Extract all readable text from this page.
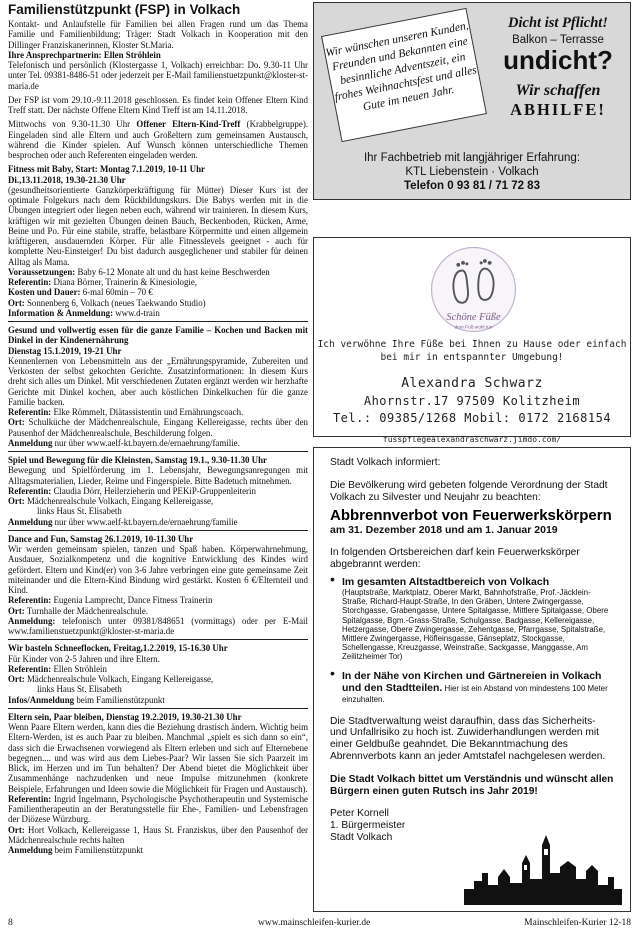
Familienstützpunkt (FSP) in Volkach

Kontakt- und Anlaufstelle für Familien bei allen Fragen rund um das Thema Familie und Familienbildung; Träger: Stadt Volkach in Kooperation mit den Dillinger Franziskanerinnen, Kloster St.Maria.

Ihre Ansprechpartnerin: Ellen Ströhlein

Telefonisch und persönlich (Klostergasse 1, Volkach) erreichbar: Do. 9.30-11 Uhr unter Tel. 09381-8486-51 oder jederzeit per E-Mail familienstuetzpunkt@kloster-st-maria.de

Der FSP ist vom 29.10.-9.11.2018 geschlossen. Es findet kein Offener Eltern Kind Treff statt. Der nächste Offene Eltern Kind Treff ist am 14.11.2018.

Mittwochs von 9.30-11.30 Uhr Offener Eltern-Kind-Treff (Krabbelgruppe). Eingeladen sind alle Eltern und auch Großeltern zum gemeinsamen Austausch, während die Kinder spielen. Auf Wunsch können unterschiedliche Themen besprochen oder auch Referenten eingeladen werden.

Fitness mit Baby, Start: Montag 7.1.2019, 10-11 Uhr

Di.,13.11.2018, 19.30-21.30 Uhr

(gesundheitsorientierte Ganzkörperkräftigung für Mütter) Dieser Kurs ist der optimale Folgekurs nach dem Rückbildungskurs. Die Babys werden mit in die Übungen integriert oder liegen neben euch, während wir trainieren. In diesem Kurs, kräftigen wir mit gezielten Übungen deinen Bauch, Beckenboden, Rücken, Arme, Beine und Po. Für eine stabile, straffe, belastbare Körpermitte und einen allgemein kräftigeren, ausdauernden Körper. Für alle Fitnesslevels geeignet - auch für komplette Neu-Einsteiger! Du bist dadurch ausgeglichener und stabiler für deinen Alltag als Mama.

Voraussetzungen: Baby 6-12 Monate alt und du hast keine Beschwerden

Referentin: Diana Börner, Trainerin & Kinesiologie,

Kosten und Dauer: 6-mal 60min – 70 €

Ort: Sonnenberg 6, Volkach (neues Taekwando Studio)

Information & Anmeldung: www.d-train

Gesund und vollwertig essen für die ganze Familie – Kochen und Backen mit Dinkel in der Kindenernährung

Dienstag 15.1.2019, 19-21 Uhr

Kennenlernen von Lebensmitteln aus der „Ernährungspyramide, Zubereiten und Verkosten der selbst gekochten Gerichte. Zusatzinformationen: In diesem Kurs dreht sich alles um Dinkel. Mit verschiedenen Zutaten ergänzt werden wir herzhafte Gerichte mit Dinkel kochen, aber auch köstlichen Dinkelkuchen für die ganze Familie backen.

Referentin: Elke Römmelt, Diätassistentin und Ernährungscoach.

Ort: Schulküche der Mädchenrealschule, Eingang Kellereigasse, rechts über den Pausenhof der Mädchenrealschule, Beschilderung folgen.

Anmeldung nur über www.aelf-kt.bayern.de/ernaehrung/familie.

Spiel und Bewegung für die Kleinsten, Samstag 19.1., 9.30-11.30 Uhr

Bewegung und Spielförderung im 1. Lebensjahr, Bewegungsanregungen mit Alltagsmaterialien, Lieder, Reime und Fingerspiele. Bitte Badetuch mitnehmen.

Referentin: Claudia Dörr, Heilerzieherin und PEKiP-Gruppenleiterin

Ort: Mädchenrealschule Volkach, Eingang Kellereigasse,

links Haus St. Elisabeth

Anmeldung nur über www.aelf-kt.bayern.de/ernaehrung/familie

Dance and Fun, Samstag 26.1.2019, 10-11.30 Uhr

Wir werden gemeinsam spielen, tanzen und Spaß haben. Körperwahrnehmung, Ausdauer, Sozialkompetenz und die kognitive Entwicklung des Kindes wird gefördert. Eltern und Kind(er) von 3-6 Jahre verbringen eine gute gemeinsame Zeit miteinander und die Eltern-Kind Bindung wird gestärkt. Kosten 6 €/Elternteil und Kind.

Referentin: Eugenia Lamprecht, Dance Fitness Trainerin

Ort: Turnhalle der Mädchenrealschule.

Anmeldung: telefonisch unter 09381/848651 (vormittags) oder per E-Mail www.familienstuetzpunkt@kloster-st-maria.de

Wir basteln Schneeflocken, Freitag,1.2.2019, 15-16.30 Uhr

Für Kinder von 2-5 Jahren und ihre Eltern.

Referentin: Ellen Ströhlein

Ort: Mädchenrealschule Volkach, Eingang Kellereigasse,

links Haus St. Elisabeth

Infos/Anmeldung beim Familienstützpunkt

Eltern sein, Paar bleiben, Dienstag 19.2.2019, 19.30-21.30 Uhr

Wenn Paare Eltern werden, kann dies die Beziehung drastisch ändern. Wichtig beim Eltern-Werden, ist es auch Paar zu bleiben. Manchmal „spielt es sich dann so ein“, dass sich die Erwachsenen vorwiegend als Eltern erleben und sich auf Elternebene begegnen.... und was wird aus dem Liebes-Paar? Wir lassen Sie sich Paarzeit im Blick, im Herzen und im Tun behalten? Der Abend bietet die Möglichkeit über Zusammenhänge nachzudenken und neue Impulse mitzunehmen (konkrete Beispiele, Erfahrungen und Ideen sowie die Möglichkeit für Fragen und Austausch).

Referentin: Ingrid Ingelmann, Psychologische Psychotherapeutin und Systemische Familientherapeutin an der Beratungsstelle für Ehe-, Familien- und Lebensfragen der Diözese Würzburg.

Ort: Hort Volkach, Kellereigasse 1, Haus St. Franziskus, über den Pausenhof der Mädchenrealschule rechts halten

Anmeldung beim Familienstützpunkt

Wir wünschen unseren Kunden, Freunden und Bekannten eine besinnliche Adventszeit, ein frohes Weihnachtsfest und alles Gute im neuen Jahr.
Dicht ist Pflicht!
Balkon – Terrasse
undicht?
Wir schaffen
ABHILFE!
Ihr Fachbetrieb mit langjähriger Erfahrung:
KTL Liebenstein · Volkach
Telefon 0 93 81 / 71 72 83
Schöne Füße
dem Fuß wohl tun
Ich verwöhne Ihre Füße bei Ihnen zu Hause oder einfach
bei mir in entspannter Umgebung!
Alexandra Schwarz
Ahornstr.17 97509 Kolitzheim
Tel.: 09385/1268 Mobil: 0172 2168154
fusspflegealexandraschwarz.jimdo.com/
Stadt Volkach informiert:
Die Bevölkerung wird gebeten folgende Verordnung der Stadt Volkach zu Silvester und Neujahr zu beachten:
Abbrennverbot von Feuerwerkskörpern
am 31. Dezember 2018 und am 1. Januar 2019
In folgenden Ortsbereichen darf kein Feuerwerkskörper abgebrannt werden:
• Im gesamten Altstadtbereich von Volkach
(Hauptstraße, Marktplatz, Oberer Markt, Bahnhofstraße, Prof.-Jäcklein-Straße, Richard-Haupt-Straße, In den Gräben, Untere Zwingergasse, Storchgasse, Grabengasse, Untere Spitalgasse, Mittlere Spitalgasse, Obere Spitalgasse, Bgm.-Grass-Straße, Schulgasse, Badgasse, Kellereigasse, Hetzergasse, Obere Zwingergasse, Zehentgasse, Pfarrgasse, Spitalstraße, Mittlere Zwingergasse, Höfleinsgasse, Gänseplatz, Stockgasse, Schellengasse, Kreuzgasse, Weinstraße, Sackgasse, Manggasse, Am Zeilitzheimer Tor)
• In der Nähe von Kirchen und Gärtnereien in Volkach und den Stadtteilen. Hier ist ein Abstand von mindestens 100 Meter einzuhalten.
Die Stadtverwaltung weist daraufhin, dass das Sicherheits- und Unfallrisiko zu hoch ist. Zuwiderhandlungen werden mit einer Geldbuße geahndet. Die Bekanntmachung des Abrennverbots kann an jeder Amtstafel nachgelesen werden.
Die Stadt Volkach bittet um Verständnis und wünscht allen Bürgern einen guten Rutsch ins Jahr 2019!
Peter Kornell
1. Bürgermeister
Stadt Volkach
8	www.mainschleifen-kurier.de	Mainschleifen-Kurier 12-18
